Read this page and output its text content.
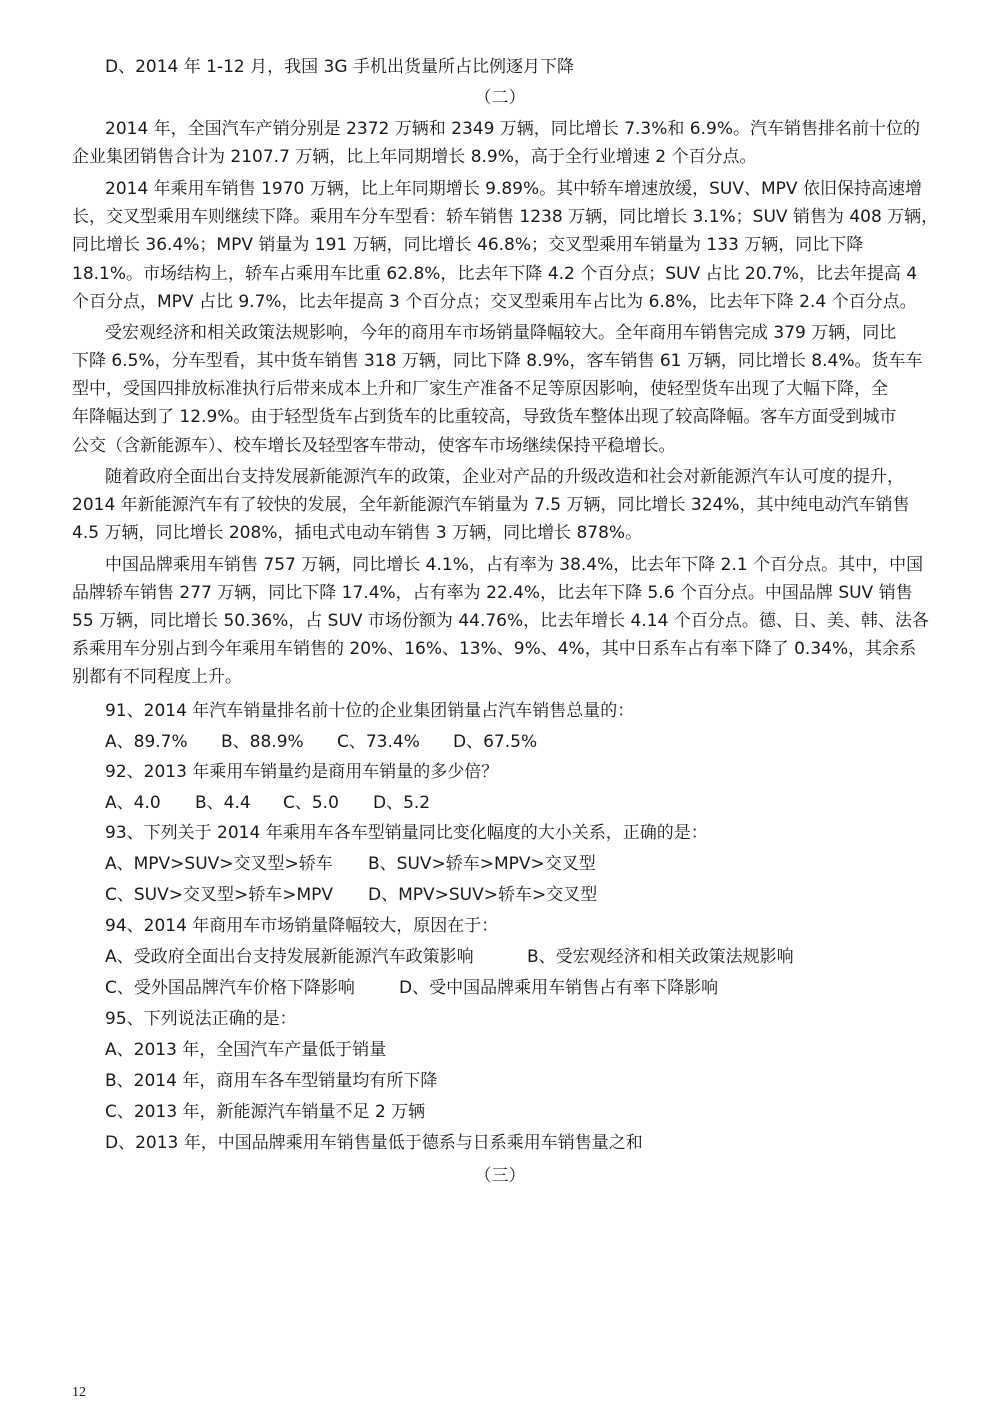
D、2014 年 1-12 月，我国 3G 手机出货量所占比例逐月下降
（二）
2014 年，全国汽车产销分别是 2372 万辆和 2349 万辆，同比增长 7.3%和 6.9%。汽车销售排名前十位的
企业集团销售合计为 2107.7 万辆，比上年同期增长 8.9%，高于全行业增速 2 个百分点。
2014 年乘用车销售 1970 万辆，比上年同期增长 9.89%。其中轿车增速放缓，SUV、MPV 依旧保持高速增
长，交叉型乘用车则继续下降。乘用车分车型看：轿车销售 1238 万辆，同比增长 3.1%；SUV 销售为 408 万辆，
同比增长 36.4%；MPV 销量为 191 万辆，同比增长 46.8%；交叉型乘用车销量为 133 万辆，同比下降
18.1%。市场结构上，轿车占乘用车比重 62.8%，比去年下降 4.2 个百分点；SUV 占比 20.7%，比去年提高 4
个百分点，MPV 占比 9.7%，比去年提高 3 个百分点；交叉型乘用车占比为 6.8%，比去年下降 2.4 个百分点。
受宏观经济和相关政策法规影响，今年的商用车市场销量降幅较大。全年商用车销售完成 379 万辆，同比
下降 6.5%，分车型看，其中货车销售 318 万辆，同比下降 8.9%，客车销售 61 万辆，同比增长 8.4%。货车车
型中，受国四排放标准执行后带来成本上升和厂家生产准备不足等原因影响，使轻型货车出现了大幅下降，全
年降幅达到了 12.9%。由于轻型货车占到货车的比重较高，导致货车整体出现了较高降幅。客车方面受到城市
公交（含新能源车）、校车增长及轻型客车带动，使客车市场继续保持平稳增长。
随着政府全面出台支持发展新能源汽车的政策，企业对产品的升级改造和社会对新能源汽车认可度的提升，
2014 年新能源汽车有了较快的发展，全年新能源汽车销量为 7.5 万辆，同比增长 324%，其中纯电动汽车销售
4.5 万辆，同比增长 208%，插电式电动车销售 3 万辆，同比增长 878%。
中国品牌乘用车销售 757 万辆，同比增长 4.1%，占有率为 38.4%，比去年下降 2.1 个百分点。其中，中国
品牌轿车销售 277 万辆，同比下降 17.4%，占有率为 22.4%，比去年下降 5.6 个百分点。中国品牌 SUV 销售
55 万辆，同比增长 50.36%，占 SUV 市场份额为 44.76%，比去年增长 4.14 个百分点。德、日、美、韩、法各
系乘用车分别占到今年乘用车销售的 20%、16%、13%、9%、4%，其中日系车占有率下降了 0.34%，其余系
别都有不同程度上升。
91、2014 年汽车销量排名前十位的企业集团销量占汽车销售总量的：
A、89.7% B、88.9% C、73.4% D、67.5%
92、2013 年乘用车销量约是商用车销量的多少倍？
A、4.0 B、4.4 C、5.0 D、5.2
93、下列关于 2014 年乘用车各车型销量同比变化幅度的大小关系，正确的是：
A、MPV>SUV>交叉型>轿车 B、SUV>轿车>MPV>交叉型
C、SUV>交叉型>轿车>MPV D、MPV>SUV>轿车>交叉型
94、2014 年商用车市场销量降幅较大，原因在于：
A、受政府全面出台支持发展新能源汽车政策影响	B、受宏观经济和相关政策法规影响
C、受外国品牌汽车价格下降影响	D、受中国品牌乘用车销售占有率下降影响
95、下列说法正确的是：
A、2013 年，全国汽车产量低于销量
B、2014 年，商用车各车型销量均有所下降
C、2013 年，新能源汽车销量不足 2 万辆
D、2013 年，中国品牌乘用车销售量低于德系与日系乘用车销售量之和
（三）
12
